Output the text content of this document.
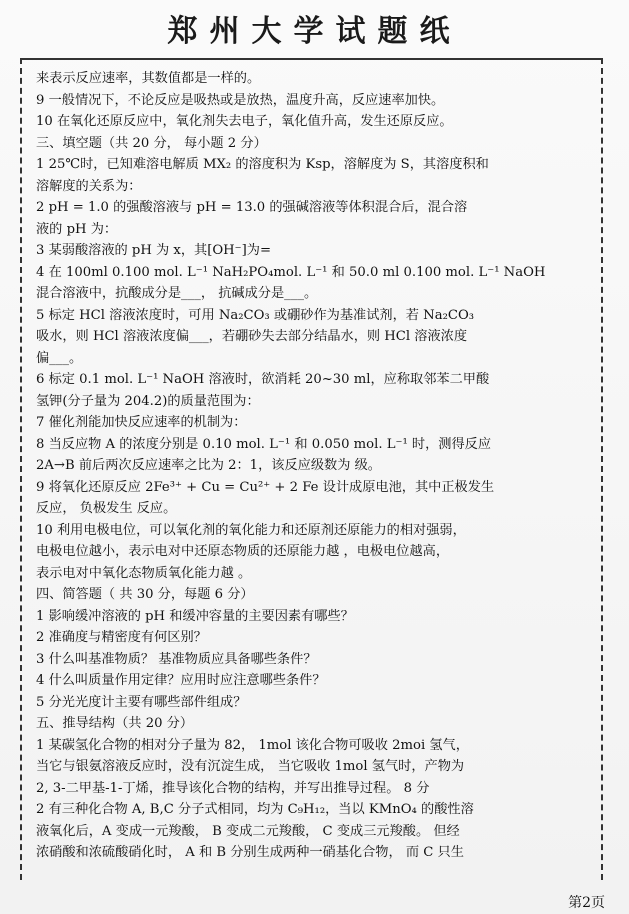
郑州大学试题纸
来表示反应速率，其数值都是一样的。
9 一般情况下，不论反应是吸热或是放热，温度升高，反应速率加快。
10 在氧化还原反应中，氧化剂失去电子，氧化值升高，发生还原反应。
三、填空题（共 20 分， 每小题 2 分）
1 25℃时，已知难溶电解质 MX₂ 的溶度积为 Ksp，溶解度为 S，其溶度积和
溶解度的关系为：
2 pH = 1.0 的强酸溶液与 pH = 13.0 的强碱溶液等体积混合后，混合溶
液的 pH 为：
3 某弱酸溶液的 pH 为 x，其[OH⁻]为=
4 在 100ml 0.100 mol. L⁻¹ NaH₂PO₄mol. L⁻¹ 和 50.0 ml 0.100 mol. L⁻¹ NaOH
混合溶液中，抗酸成分是___， 抗碱成分是___。
5 标定 HCl 溶液浓度时，可用 Na₂CO₃ 或硼砂作为基准试剂，若 Na₂CO₃
吸水，则 HCl 溶液浓度偏___，若硼砂失去部分结晶水，则 HCl 溶液浓度
偏___。
6 标定 0.1 mol. L⁻¹ NaOH 溶液时，欲消耗 20~30 ml，应称取邻苯二甲酸
氢钾(分子量为 204.2)的质量范围为：
7 催化剂能加快反应速率的机制为：
8 当反应物 A 的浓度分别是 0.10 mol. L⁻¹ 和 0.050 mol. L⁻¹ 时，测得反应
2A→B 前后两次反应速率之比为 2：1，该反应级数为 级。
9 将氧化还原反应 2Fe³⁺ + Cu = Cu²⁺ + 2 Fe 设计成原电池，其中正极发生
反应， 负极发生 反应。
10 利用电极电位，可以氧化剂的氧化能力和还原剂还原能力的相对强弱，
电极电位越小，表示电对中还原态物质的还原能力越 ，电极电位越高，
表示电对中氧化态物质氧化能力越 。
四、简答题（ 共 30 分，每题 6 分）
1 影响缓冲溶液的 pH 和缓冲容量的主要因素有哪些？
2 准确度与精密度有何区别？
3 什么叫基准物质？ 基准物质应具备哪些条件？
4 什么叫质量作用定律？应用时应注意哪些条件？
5 分光光度计主要有哪些部件组成？
五、推导结构（共 20 分）
1 某碳氢化合物的相对分子量为 82， 1mol 该化合物可吸收 2moi 氢气，
当它与银氨溶液反应时，没有沉淀生成， 当它吸收 1mol 氢气时，产物为
2, 3-二甲基-1-丁烯，推导该化合物的结构，并写出推导过程。 8 分
2 有三种化合物 A, B,C 分子式相同，均为 C₉H₁₂，当以 KMnO₄ 的酸性溶
液氧化后，A 变成一元羧酸， B 变成二元羧酸， C 变成三元羧酸。 但经
浓硝酸和浓硫酸硝化时， A 和 B 分别生成两种一硝基化合物， 而 C 只生
第2页
